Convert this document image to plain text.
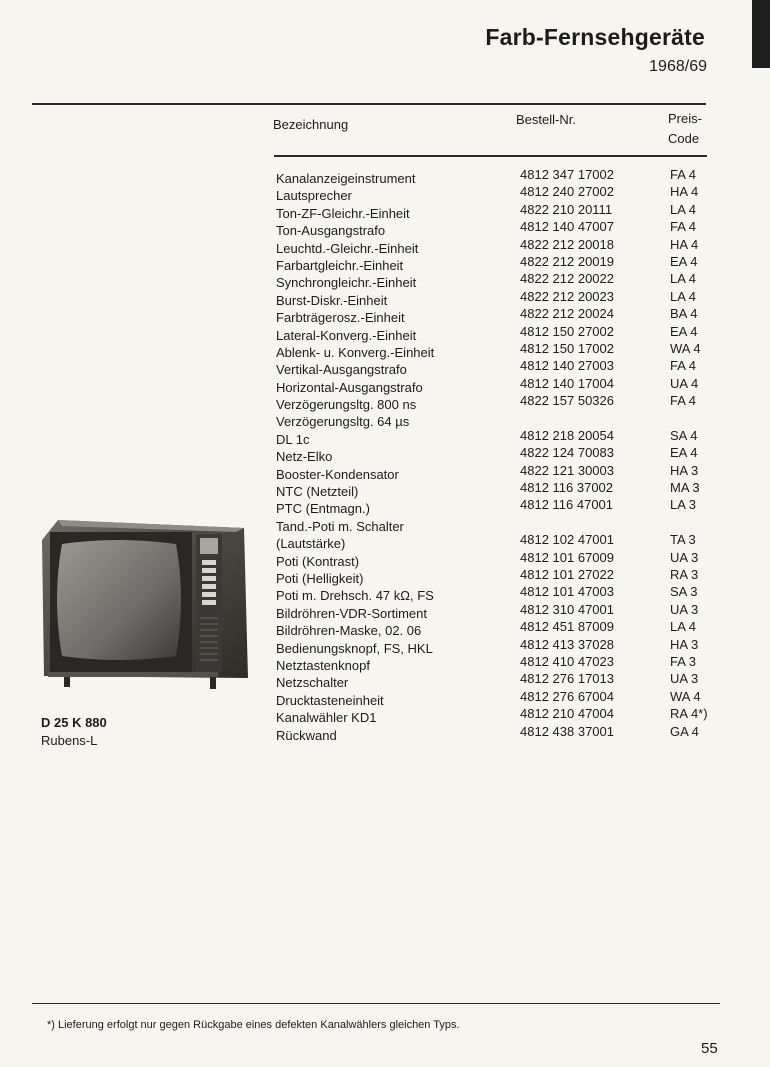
Farb-Fernsehgeräte
1968/69
Bezeichnung	Bestell-Nr.	Preis-
Code
Kanalanzeigeinstrument
Lautsprecher
Ton-ZF-Gleichr.-Einheit
Ton-Ausgangstrafo
Leuchtd.-Gleichr.-Einheit
Farbartgleichr.-Einheit
Synchrongleichr.-Einheit
Burst-Diskr.-Einheit
Farbträgerosz.-Einheit
Lateral-Konverg.-Einheit
Ablenk- u. Konverg.-Einheit
Vertikal-Ausgangstrafo
Horizontal-Ausgangstrafo
Verzögerungsltg. 800 ns
Verzögerungsltg. 64 µs
DL 1c
Netz-Elko
Booster-Kondensator
NTC (Netzteil)
PTC (Entmagn.)
Tand.-Poti m. Schalter
(Lautstärke)
Poti (Kontrast)
Poti (Helligkeit)
Poti m. Drehsch. 47 kΩ, FS
Bildröhren-VDR-Sortiment
Bildröhren-Maske, 02. 06
Bedienungsknopf, FS, HKL
Netztastenknopf
Netzschalter
Drucktasteneinheit
Kanalwähler KD1
Rückwand
4812 347 17002
4812 240 27002
4822 210 20111
4812 140 47007
4822 212 20018
4822 212 20019
4822 212 20022
4822 212 20023
4822 212 20024
4812 150 27002
4812 150 17002
4812 140 27003
4812 140 17004
4822 157 50326
4812 218 20054
4822 124 70083
4822 121 30003
4812 116 37002
4812 116 47001
4812 102 47001
4812 101 67009
4812 101 27022
4812 101 47003
4812 310 47001
4812 451 87009
4812 413 37028
4812 410 47023
4812 276 17013
4812 276 67004
4812 210 47004
4812 438 37001
FA 4
HA 4
LA 4
FA 4
HA 4
EA 4
LA 4
LA 4
BA 4
EA 4
WA 4
FA 4
UA 4
FA 4
SA 4
EA 4
HA 3
MA 3
LA 3
TA 3
UA 3
RA 3
SA 3
UA 3
LA 4
HA 3
FA 3
UA 3
WA 4
RA 4*)
GA 4
D 25 K 880
Rubens-L
*) Lieferung erfolgt nur gegen Rückgabe eines defekten Kanalwählers gleichen Typs.
55
